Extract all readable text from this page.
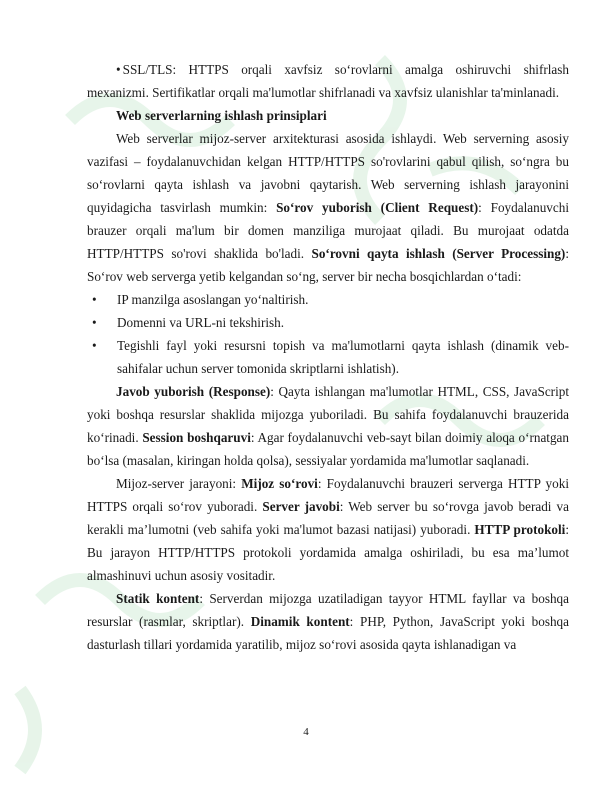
• SSL/TLS: HTTPS orqali xavfsiz so‘rovlarni amalga oshiruvchi shifrlash mexanizmi. Sertifikatlar orqali ma'lumotlar shifrlanadi va xavfsiz ulanishlar ta'minlanadi.

Web serverlarning ishlash prinsiplari

Web serverlar mijoz-server arxitekturasi asosida ishlaydi. Web serverning asosiy vazifasi – foydalanuvchidan kelgan HTTP/HTTPS so'rovlarini qabul qilish, so‘ngra bu so‘rovlarni qayta ishlash va javobni qaytarish. Web serverning ishlash jarayonini quyidagicha tasvirlash mumkin: So‘rov yuborish (Client Request): Foydalanuvchi brauzer orqali ma'lum bir domen manziliga murojaat qiladi. Bu murojaat odatda HTTP/HTTPS so'rovi shaklida bo'ladi. So‘rovni qayta ishlash (Server Processing): So‘rov web serverga yetib kelgandan so‘ng, server bir necha bosqichlardan o‘tadi:

• IP manzilga asoslangan yo‘naltirish.
• Domenni va URL-ni tekshirish.
• Tegishli fayl yoki resursni topish va ma'lumotlarni qayta ishlash (dinamik veb-sahifalar uchun server tomonida skriptlarni ishlatish).

Javob yuborish (Response): Qayta ishlangan ma'lumotlar HTML, CSS, JavaScript yoki boshqa resurslar shaklida mijozga yuboriladi. Bu sahifa foydalanuvchi brauzerida ko‘rinadi. Session boshqaruvi: Agar foydalanuvchi veb-sayt bilan doimiy aloqa o‘rnatgan bo‘lsa (masalan, kiringan holda qolsa), sessiyalar yordamida ma'lumotlar saqlanadi.

Mijoz-server jarayoni: Mijoz so‘rovi: Foydalanuvchi brauzeri serverga HTTP yoki HTTPS orqali so‘rov yuboradi. Server javobi: Web server bu so‘rovga javob beradi va kerakli ma’lumotni (veb sahifa yoki ma'lumot bazasi natijasi) yuboradi. HTTP protokoli: Bu jarayon HTTP/HTTPS protokoli yordamida amalga oshiriladi, bu esa ma’lumot almashinuvi uchun asosiy vositadir.

Statik kontent: Serverdan mijozga uzatiladigan tayyor HTML fayllar va boshqa resurslar (rasmlar, skriptlar). Dinamik kontent: PHP, Python, JavaScript yoki boshqa dasturlash tillari yordamida yaratilib, mijoz so‘rovi asosida qayta ishlanadigan va

4
